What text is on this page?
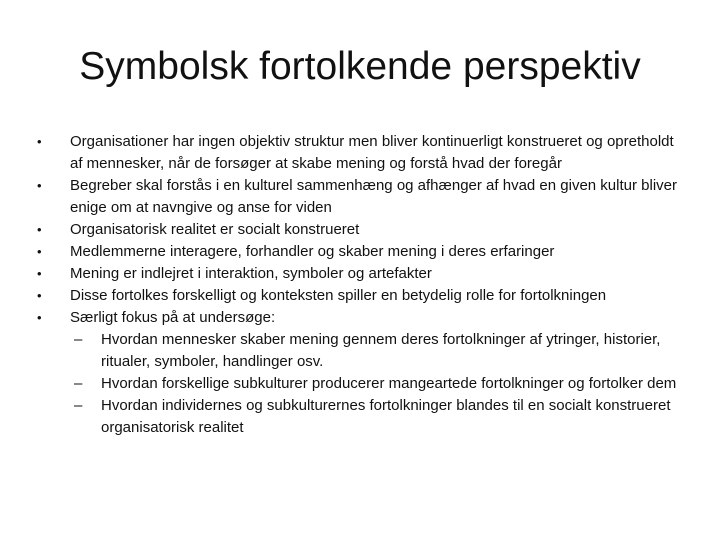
Symbolsk fortolkende perspektiv
•	Organisationer har ingen objektiv struktur men bliver kontinuerligt konstrueret og opretholdt af mennesker, når de forsøger at skabe mening og forstå hvad der foregår
•	Begreber skal forstås i en kulturel sammenhæng og afhænger af hvad en given kultur bliver enige om at navngive og anse for viden
•	Organisatorisk realitet er socialt konstrueret
•	Medlemmerne interagere, forhandler og skaber mening i deres erfaringer
•	Mening er indlejret i interaktion, symboler og artefakter
•	Disse fortolkes forskelligt og konteksten spiller en betydelig rolle for fortolkningen
•	Særligt fokus på at undersøge:
–	Hvordan mennesker skaber mening gennem deres fortolkninger af ytringer, historier, ritualer, symboler, handlinger osv.
–	Hvordan forskellige subkulturer producerer mangeartede fortolkninger og fortolker dem
–	Hvordan individernes og subkulturernes fortolkninger blandes til en socialt konstrueret organisatorisk realitet
